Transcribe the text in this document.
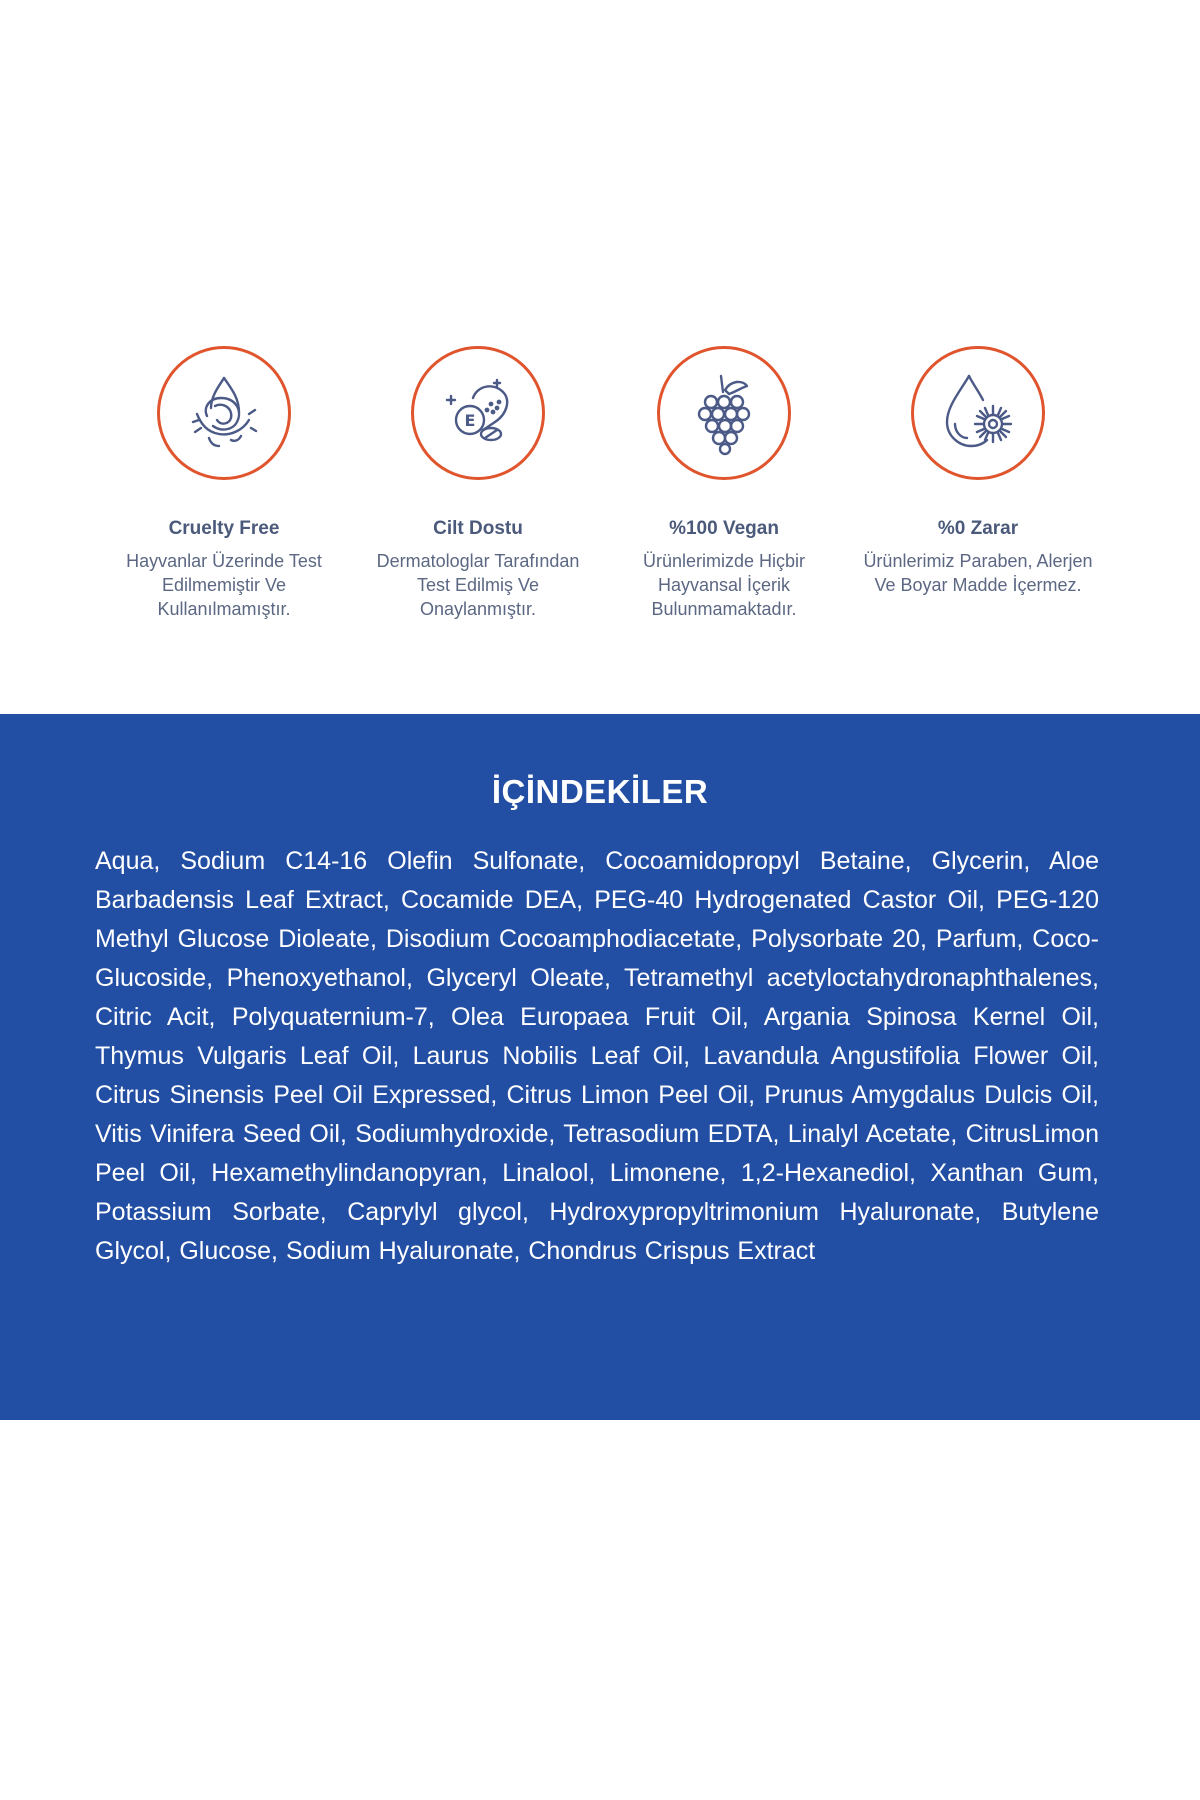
Cruelty Free
Hayvanlar Üzerinde Test Edilmemiştir Ve Kullanılmamıştır.
E
Cilt Dostu
Dermatologlar Tarafından Test Edilmiş Ve Onaylanmıştır.
%100 Vegan
Ürünlerimizde Hiçbir Hayvansal İçerik Bulunmamaktadır.
%0 Zarar
Ürünlerimiz Paraben, Alerjen Ve Boyar Madde İçermez.
İÇİNDEKİLER
Aqua, Sodium C14-16 Olefin Sulfonate, Cocoamidopropyl Betaine, Glycerin, Aloe Barbadensis Leaf Extract, Cocamide DEA, PEG-40 Hydrogenated Castor Oil, PEG-120 Methyl Glucose Dioleate, Disodium Cocoamphodiacetate, Polysorbate 20, Parfum, Coco-Glucoside, Phenoxyethanol, Glyceryl Oleate, Tetramethyl acetyloctahydronaphthalenes, Citric Acit, Polyquaternium-7, Olea Europaea Fruit Oil, Argania Spinosa Kernel Oil, Thymus Vulgaris Leaf Oil, Laurus Nobilis Leaf Oil, Lavandula Angustifolia Flower Oil, Citrus Sinensis Peel Oil Expressed, Citrus Limon Peel Oil, Prunus Amygdalus Dulcis Oil, Vitis Vinifera Seed Oil, Sodiumhydroxide, Tetrasodium EDTA, Linalyl Acetate, CitrusLimon Peel Oil, Hexamethylindanopyran, Linalool, Limonene, 1,2-Hexanediol, Xanthan Gum, Potassium Sorbate, Caprylyl glycol, Hydroxypropyltrimonium Hyaluronate, Butylene Glycol, Glucose, Sodium Hyaluronate, Chondrus Crispus Extract
